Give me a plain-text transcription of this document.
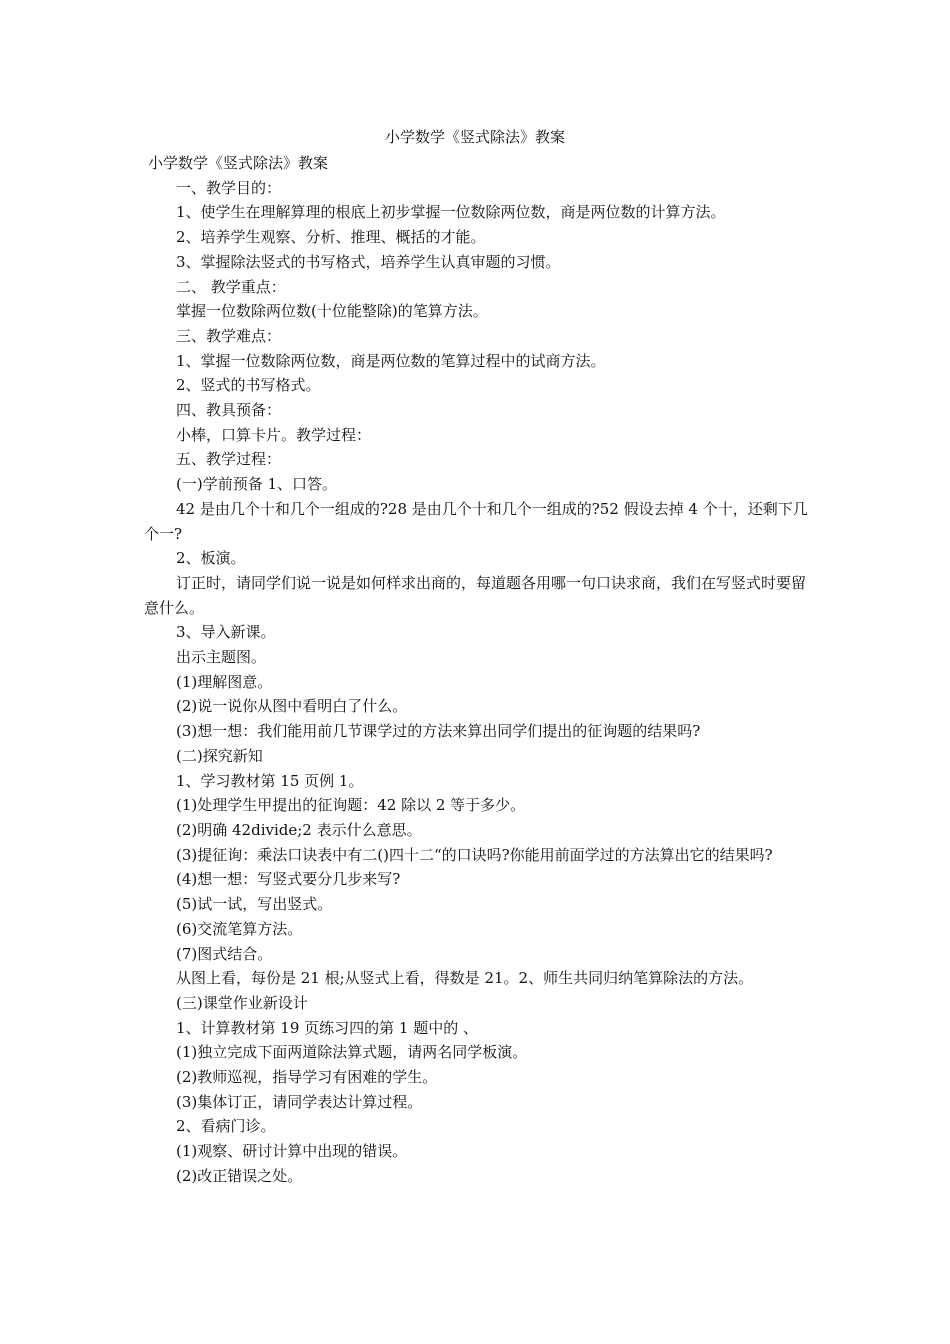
小学数学《竖式除法》教案

小学数学《竖式除法》教案

一、教学目的：

1、使学生在理解算理的根底上初步掌握一位数除两位数，商是两位数的计算方法。

2、培养学生观察、分析、推理、概括的才能。

3、掌握除法竖式的书写格式，培养学生认真审题的习惯。

二、 教学重点：

掌握一位数除两位数(十位能整除)的笔算方法。

三、教学难点：

1、掌握一位数除两位数，商是两位数的笔算过程中的试商方法。

2、竖式的书写格式。

四、教具预备：

小棒，口算卡片。教学过程：

五、教学过程：

(一)学前预备 1、口答。

42 是由几个十和几个一组成的?28 是由几个十和几个一组成的?52 假设去掉 4 个十，还剩下几个一?

2、板演。

订正时，请同学们说一说是如何样求出商的，每道题各用哪一句口诀求商，我们在写竖式时要留意什么。

3、导入新课。

出示主题图。

(1)理解图意。

(2)说一说你从图中看明白了什么。

(3)想一想：我们能用前几节课学过的方法来算出同学们提出的征询题的结果吗?

(二)探究新知

1、学习教材第 15 页例 1。

(1)处理学生甲提出的征询题：42 除以 2 等于多少。

(2)明确 42divide;2 表示什么意思。

(3)提征询：乘法口诀表中有二()四十二“的口诀吗?你能用前面学过的方法算出它的结果吗?

(4)想一想：写竖式要分几步来写?

(5)试一试，写出竖式。

(6)交流笔算方法。

(7)图式结合。

从图上看，每份是 21 根;从竖式上看，得数是 21。2、师生共同归纳笔算除法的方法。

(三)课堂作业新设计

1、计算教材第 19 页练习四的第 1 题中的 、

(1)独立完成下面两道除法算式题，请两名同学板演。

(2)教师巡视，指导学习有困难的学生。

(3)集体订正，请同学表达计算过程。

2、看病门诊。

(1)观察、研讨计算中出现的错误。

(2)改正错误之处。
